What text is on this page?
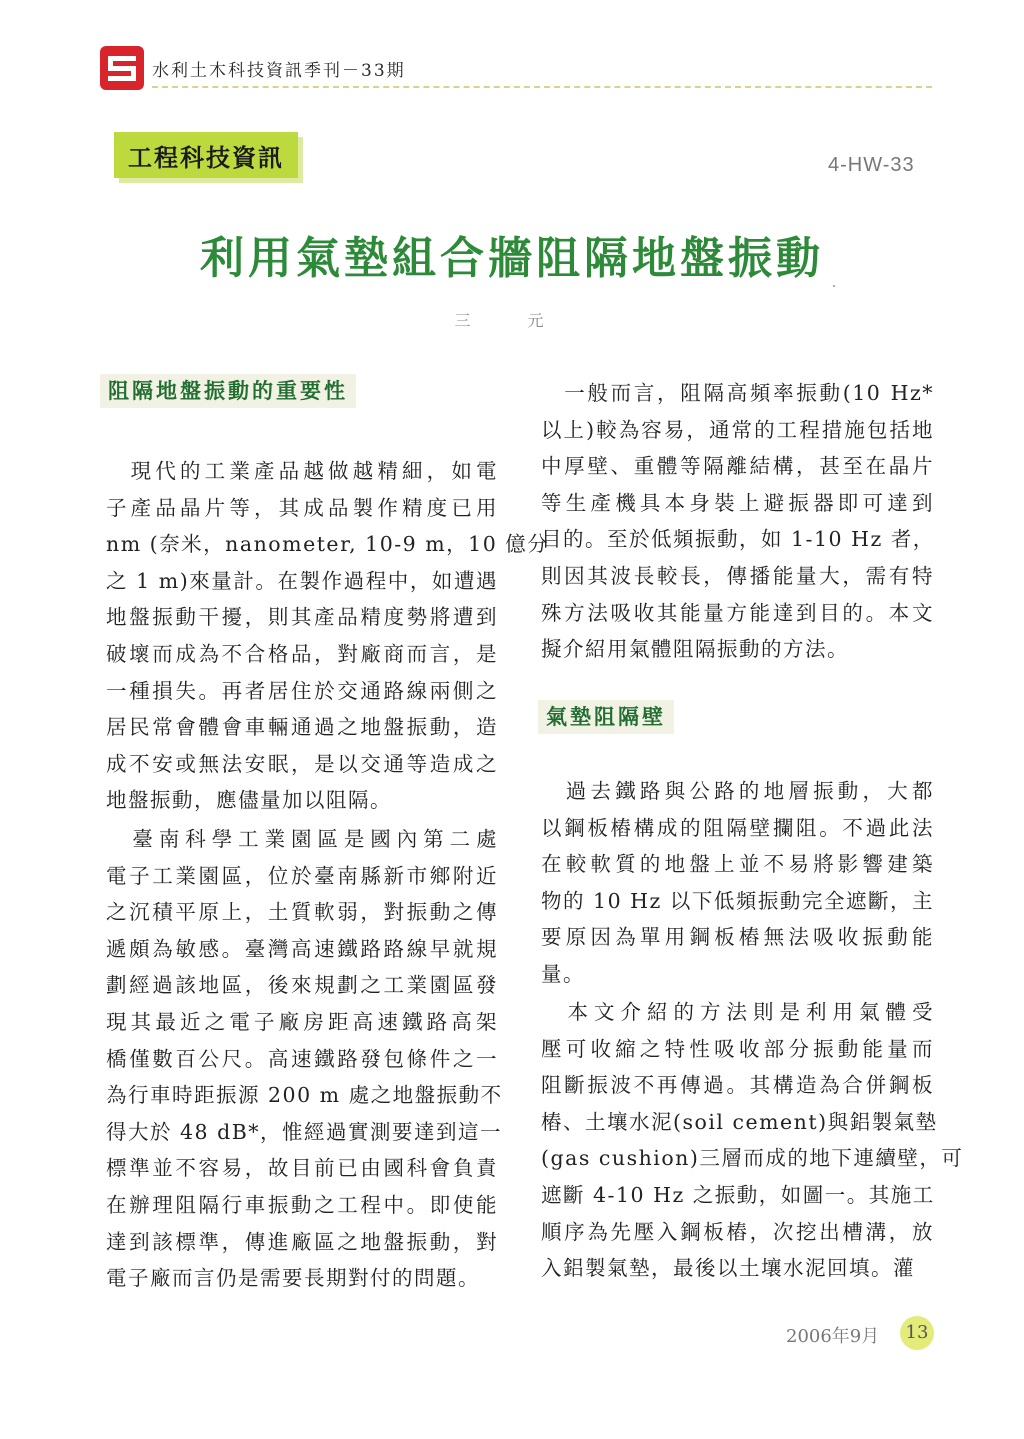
水利土木科技資訊季刊－33期
工程科技資訊	4-HW-33
利用氣墊組合牆阻隔地盤振動
三 元
阻隔地盤振動的重要性
　現代的工業產品越做越精細，如電
子產品晶片等，其成品製作精度已用
nm (奈米，nanometer, 10-9 m，10 億分
之 1 m)來量計。在製作過程中，如遭遇
地盤振動干擾，則其產品精度勢將遭到
破壞而成為不合格品，對廠商而言，是
一種損失。再者居住於交通路線兩側之
居民常會體會車輛通過之地盤振動，造
成不安或無法安眠，是以交通等造成之
地盤振動，應儘量加以阻隔。
　臺南科學工業園區是國內第二處
電子工業園區，位於臺南縣新市鄉附近
之沉積平原上，土質軟弱，對振動之傳
遞頗為敏感。臺灣高速鐵路路線早就規
劃經過該地區，後來規劃之工業園區發
現其最近之電子廠房距高速鐵路高架
橋僅數百公尺。高速鐵路發包條件之一
為行車時距振源 200 m 處之地盤振動不
得大於 48 dB*，惟經過實測要達到這一
標準並不容易，故目前已由國科會負責
在辦理阻隔行車振動之工程中。即使能
達到該標準，傳進廠區之地盤振動，對
電子廠而言仍是需要長期對付的問題。
　一般而言，阻隔高頻率振動(10 Hz*
以上)較為容易，通常的工程措施包括地
中厚壁、重體等隔離結構，甚至在晶片
等生產機具本身裝上避振器即可達到
目的。至於低頻振動，如 1-10 Hz 者，
則因其波長較長，傳播能量大，需有特
殊方法吸收其能量方能達到目的。本文
擬介紹用氣體阻隔振動的方法。
氣墊阻隔壁
　過去鐵路與公路的地層振動，大都
以鋼板樁構成的阻隔壁攔阻。不過此法
在較軟質的地盤上並不易將影響建築
物的 10 Hz 以下低頻振動完全遮斷，主
要原因為單用鋼板樁無法吸收振動能
量。
　本文介紹的方法則是利用氣體受
壓可收縮之特性吸收部分振動能量而
阻斷振波不再傳過。其構造為合併鋼板
樁、土壤水泥(soil cement)與鋁製氣墊
(gas cushion)三層而成的地下連續壁，可
遮斷 4-10 Hz 之振動，如圖一。其施工
順序為先壓入鋼板樁，次挖出槽溝，放
入鋁製氣墊，最後以土壤水泥回填。灌
2006年9月	13
